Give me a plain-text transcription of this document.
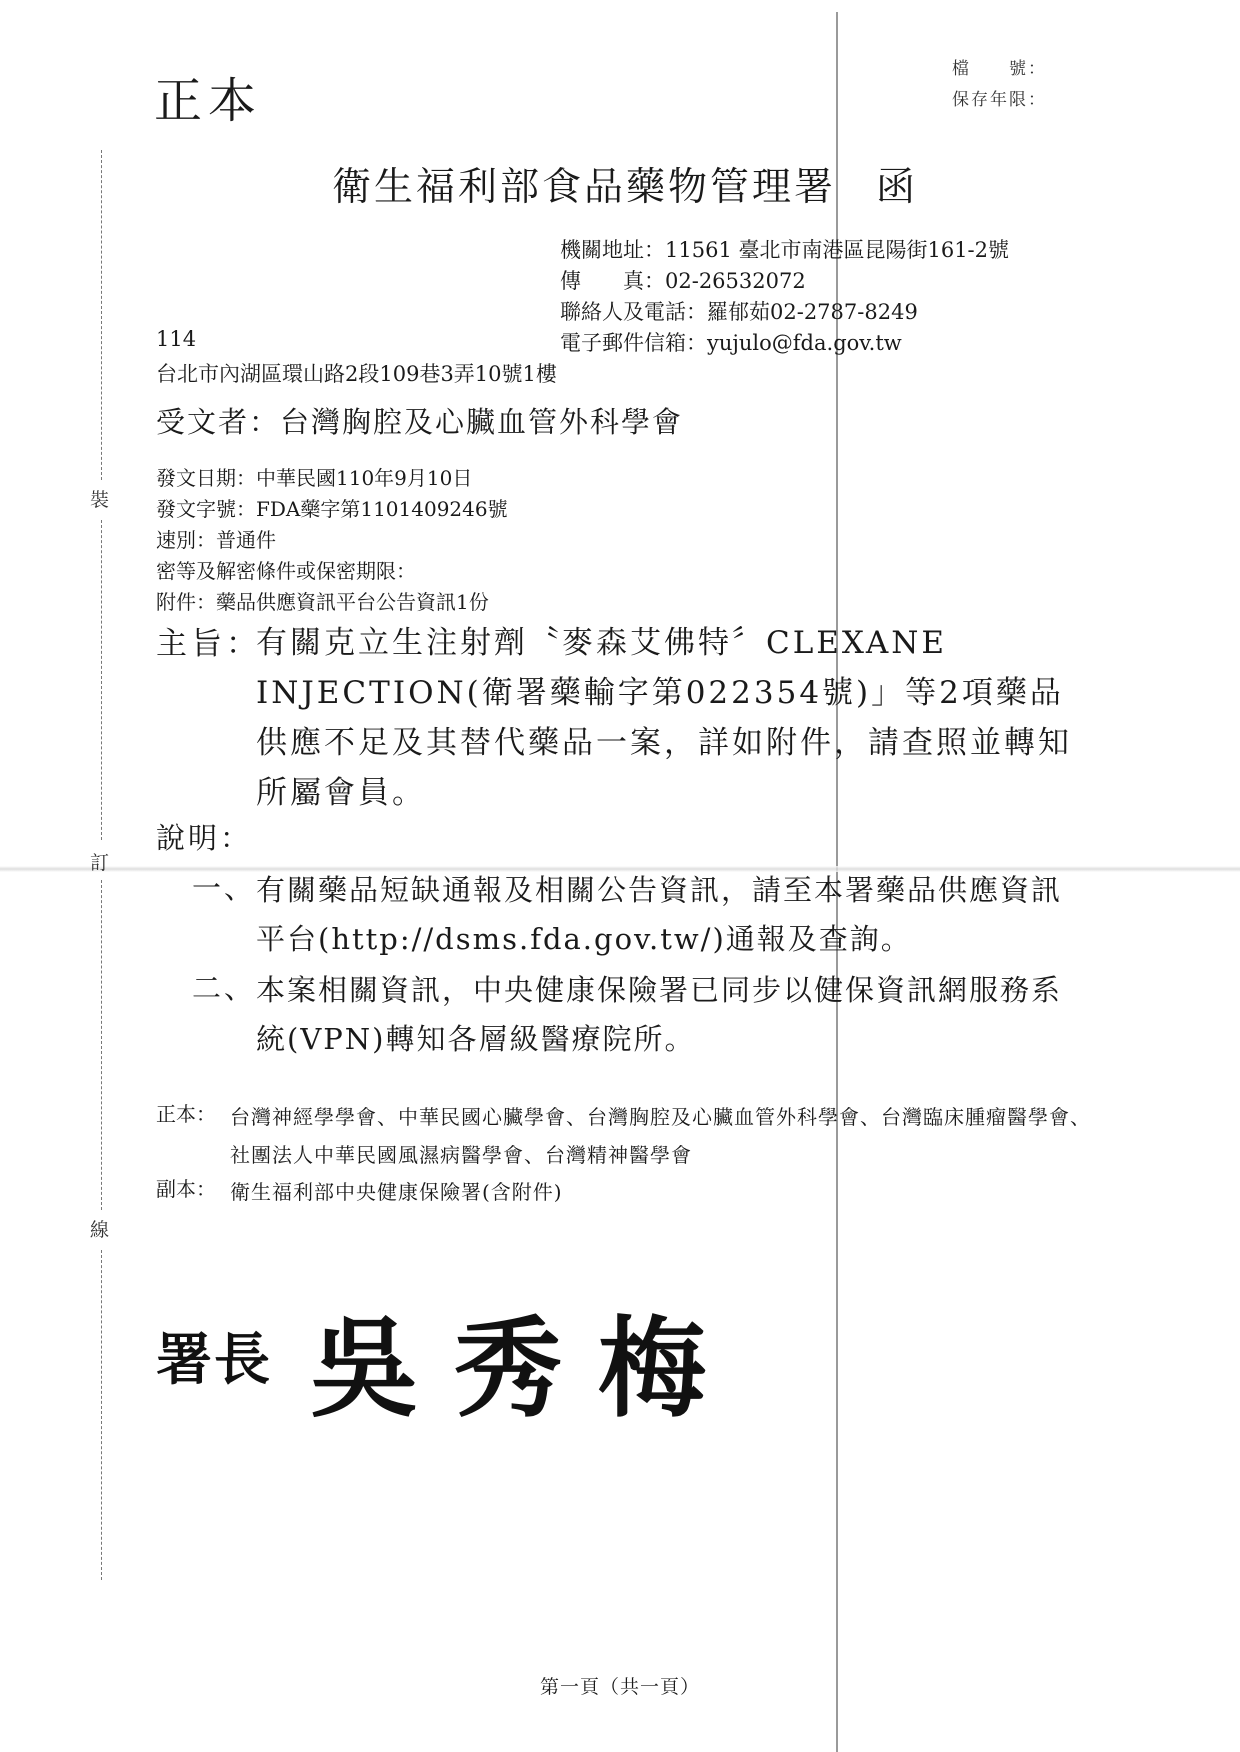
裝
訂
線
正本
檔　　號：
保存年限：
衛生福利部食品藥物管理署 函
機關地址：11561 臺北市南港區昆陽街161-2號
傳　　真：02-26532072
聯絡人及電話：羅郁茹02-2787-8249
電子郵件信箱：yujulo@fda.gov.tw
114
台北市內湖區環山路2段109巷3弄10號1樓
受文者：台灣胸腔及心臟血管外科學會
發文日期：中華民國110年9月10日
發文字號：FDA藥字第1101409246號
速別：普通件
密等及解密條件或保密期限：
附件：藥品供應資訊平台公告資訊1份
主旨：
有關克立生注射劑〝麥森艾佛特〞CLEXANE INJECTION(衛署藥輸字第022354號)」等2項藥品供應不足及其替代藥品一案，詳如附件，請查照並轉知所屬會員。
說明：
一、 有關藥品短缺通報及相關公告資訊，請至本署藥品供應資訊平台(http://dsms.fda.gov.tw/)通報及查詢。
二、 本案相關資訊，中央健康保險署已同步以健保資訊網服務系統(VPN)轉知各層級醫療院所。
正本： 台灣神經學學會、中華民國心臟學會、台灣胸腔及心臟血管外科學會、台灣臨床腫瘤醫學會、社團法人中華民國風濕病醫學會、台灣精神醫學會
副本： 衛生福利部中央健康保險署(含附件)
署長 吳秀梅
第一頁（共一頁）
